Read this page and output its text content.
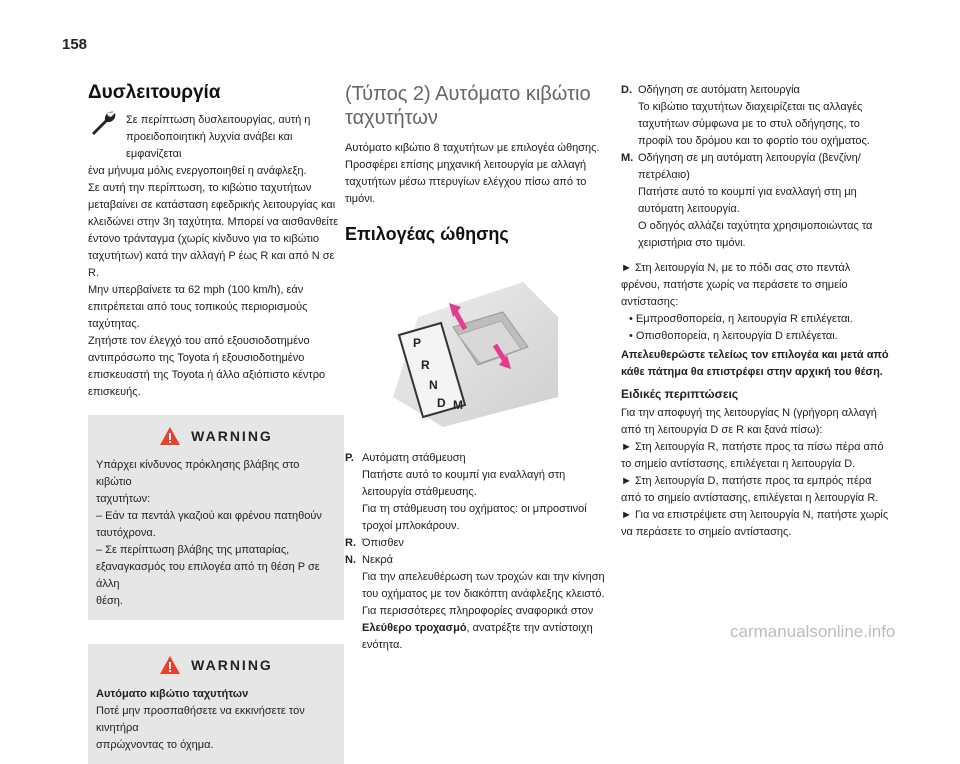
158
Δυσλειτουργία
Σε περίπτωση δυσλειτουργίας, αυτή η
προειδοποιητική λυχνία ανάβει και εμφανίζεται
ένα μήνυμα μόλις ενεργοποιηθεί η ανάφλεξη.
Σε αυτή την περίπτωση, το κιβώτιο ταχυτήτων
μεταβαίνει σε κατάσταση εφεδρικής λειτουργίας και
κλειδώνει στην 3η ταχύτητα. Μπορεί να αισθανθείτε
έντονο τράνταγμα (χωρίς κίνδυνο για το κιβώτιο
ταχυτήτων) κατά την αλλαγή P έως R και από N σε R.
Μην υπερβαίνετε τα 62 mph (100 km/h), εάν
επιτρέπεται από τους τοπικούς περιορισμούς
ταχύτητας.
Ζητήστε τον έλεγχό του από εξουσιοδοτημένο
αντιπρόσωπο της Toyota ή εξουσιοδοτημένο
επισκευαστή της Toyota ή άλλο αξιόπιστο κέντρο
επισκευής.
WARNING
Υπάρχει κίνδυνος πρόκλησης βλάβης στο κιβώτιο
ταχυτήτων:
– Εάν τα πεντάλ γκαζιού και φρένου πατηθούν
ταυτόχρονα.
– Σε περίπτωση βλάβης της μπαταρίας,
εξαναγκασμός του επιλογέα από τη θέση P σε άλλη
θέση.
WARNING
Αυτόματο κιβώτιο ταχυτήτων
Ποτέ μην προσπαθήσετε να εκκινήσετε τον κινητήρα
σπρώχνοντας το όχημα.
(Τύπος 2) Αυτόματο κιβώτιο
ταχυτήτων
Αυτόματο κιβώτιο 8 ταχυτήτων με επιλογέα ώθησης.
Προσφέρει επίσης μηχανική λειτουργία με αλλαγή
ταχυτήτων μέσω πτερυγίων ελέγχου πίσω από το
τιμόνι.
Επιλογέας ώθησης
P
R
N
D M
P. Αυτόματη στάθμευση
Πατήστε αυτό το κουμπί για εναλλαγή στη
λειτουργία στάθμευσης.
Για τη στάθμευση του οχήματος: οι μπροστινοί
τροχοί μπλοκάρουν.
R. Όπισθεν
N. Νεκρά
Για την απελευθέρωση των τροχών και την κίνηση
του οχήματος με τον διακόπτη ανάφλεξης κλειστό.
Για περισσότερες πληροφορίες αναφορικά στον
Ελεύθερο τροχασμό, ανατρέξτε την αντίστοιχη
ενότητα.
D. Οδήγηση σε αυτόματη λειτουργία
Το κιβώτιο ταχυτήτων διαχειρίζεται τις αλλαγές
ταχυτήτων σύμφωνα με το στυλ οδήγησης, το
προφίλ του δρόμου και το φορτίο του οχήματος.
M. Οδήγηση σε μη αυτόματη λειτουργία (βενζίνη/
πετρέλαιο)
Πατήστε αυτό το κουμπί για εναλλαγή στη μη
αυτόματη λειτουργία.
Ο οδηγός αλλάζει ταχύτητα χρησιμοποιώντας τα
χειριστήρια στο τιμόνι.
► Στη λειτουργία N, με το πόδι σας στο πεντάλ
φρένου, πατήστε χωρίς να περάσετε το σημείο
αντίστασης:
• Εμπροσθοπορεία, η λειτουργία R επιλέγεται.
• Οπισθοπορεία, η λειτουργία D επιλέγεται.
Απελευθερώστε τελείως τον επιλογέα και μετά από
κάθε πάτημα θα επιστρέφει στην αρχική του θέση.
Ειδικές περιπτώσεις
Για την αποφυγή της λειτουργίας N (γρήγορη αλλαγή
από τη λειτουργία D σε R και ξανά πίσω):
► Στη λειτουργία R, πατήστε προς τα πίσω πέρα από
το σημείο αντίστασης, επιλέγεται η λειτουργία D.
► Στη λειτουργία D, πατήστε προς τα εμπρός πέρα
από το σημείο αντίστασης, επιλέγεται η λειτουργία R.
► Για να επιστρέψετε στη λειτουργία N, πατήστε χωρίς
να περάσετε το σημείο αντίστασης.
carmanualsonline.info
